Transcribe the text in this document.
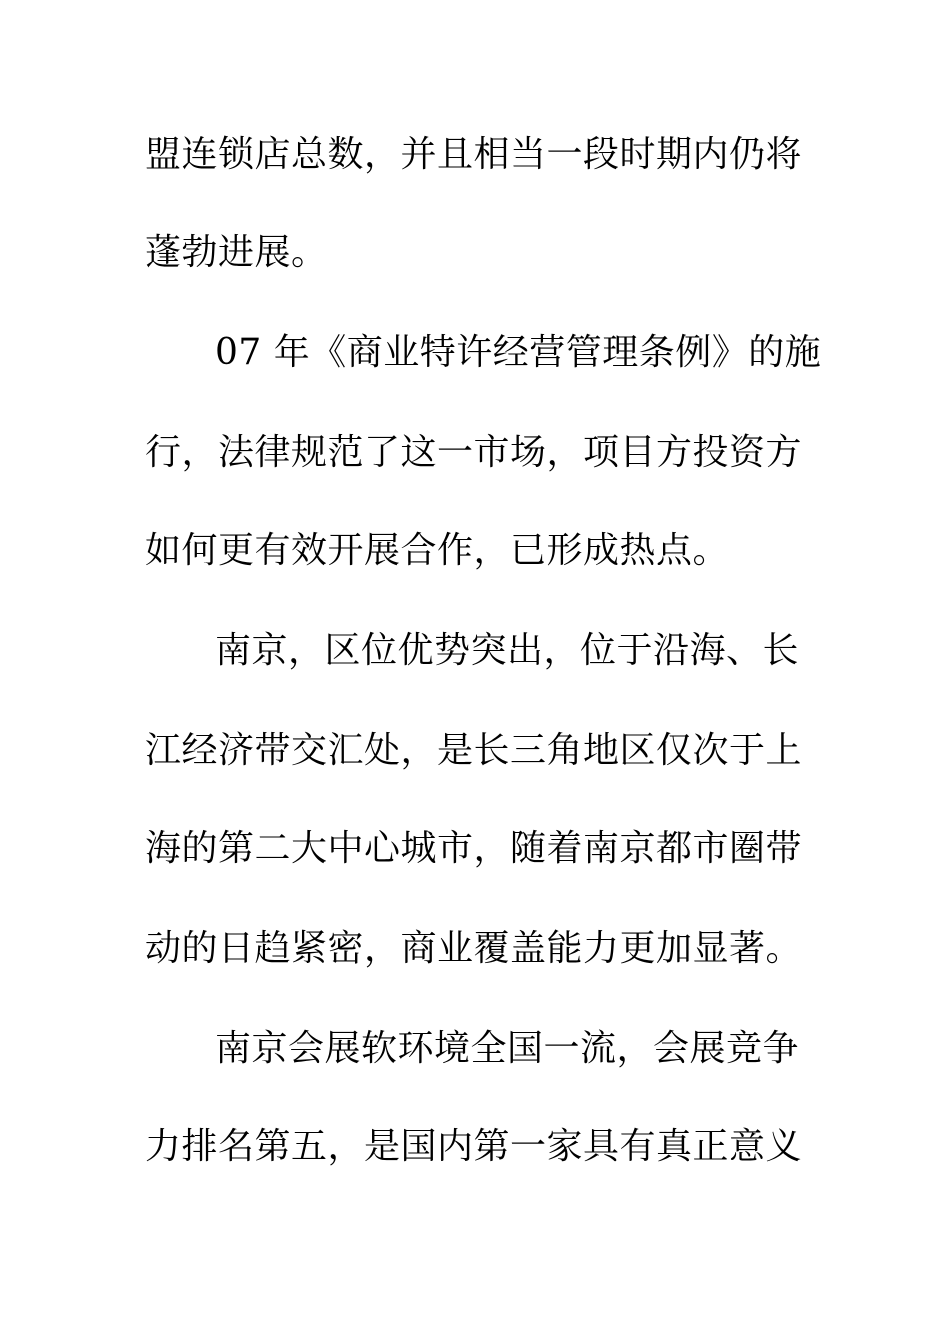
盟连锁店总数，并且相当一段时期内仍将
蓬勃进展。
07 年《商业特许经营管理条例》的施
行，法律规范了这一市场，项目方投资方
如何更有效开展合作，已形成热点。
南京，区位优势突出，位于沿海、长
江经济带交汇处，是长三角地区仅次于上
海的第二大中心城市，随着南京都市圈带
动的日趋紧密，商业覆盖能力更加显著。
南京会展软环境全国一流，会展竞争
力排名第五，是国内第一家具有真正意义
